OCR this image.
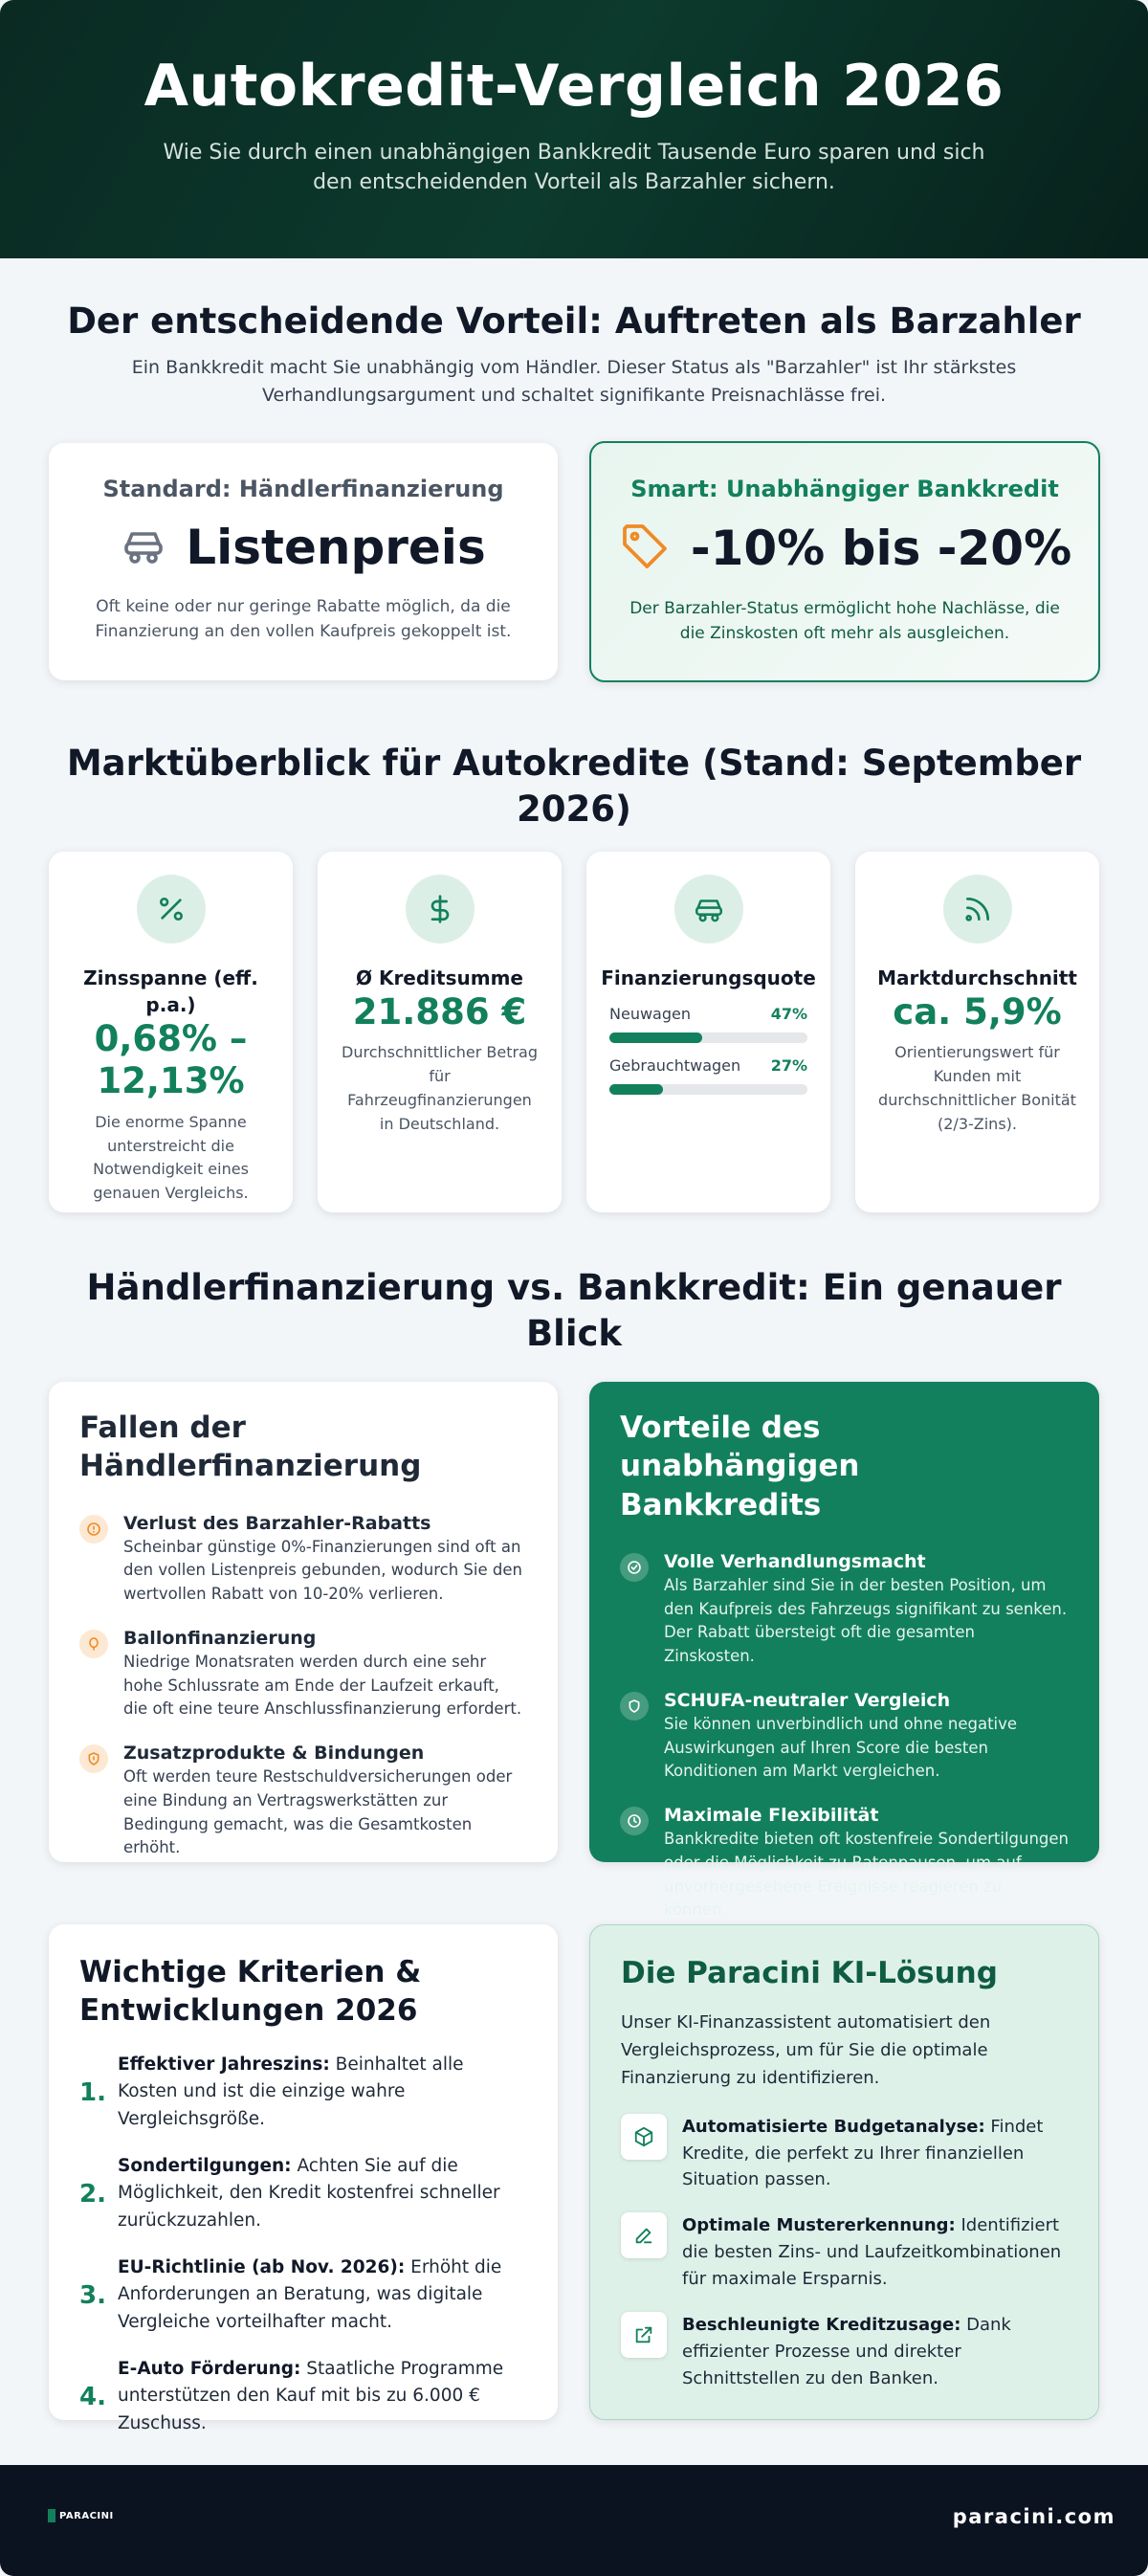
Autokredit-Vergleich 2026

Wie Sie durch einen unabhängigen Bankkredit Tausende Euro sparen und sich den entscheidenden Vorteil als Barzahler sichern.

Der entscheidende Vorteil: Auftreten als Barzahler
Ein Bankkredit macht Sie unabhängig vom Händler. Dieser Status als "Barzahler" ist Ihr stärkstes Verhandlungsargument und schaltet signifikante Preisnachlässe frei.
Standard: Händlerfinanzierung
Listenpreis
Oft keine oder nur geringe Rabatte möglich, da die Finanzierung an den vollen Kaufpreis gekoppelt ist.
Smart: Unabhängiger Bankkredit
-10% bis -20%
Der Barzahler-Status ermöglicht hohe Nachlässe, die die Zinskosten oft mehr als ausgleichen.
Marktüberblick für Autokredite (Stand: September 2026)
Zinsspanne (eff. p.a.)
0,68% – 12,13%
Die enorme Spanne unterstreicht die Notwendigkeit eines genauen Vergleichs.
Ø Kreditsumme
21.886 €
Durchschnittlicher Betrag für Fahrzeugfinanzierungen in Deutschland.
Finanzierungsquote
Neuwagen	47%
Gebrauchtwagen 27%
Marktdurchschnitt
ca. 5,9%
Orientierungswert für Kunden mit durchschnittlicher Bonität (2/3-Zins).
Händlerfinanzierung vs. Bankkredit: Ein genauer Blick
Fallen der Händlerfinanzierung
Verlust des Barzahler-Rabatts
Scheinbar günstige 0%-Finanzierungen sind oft an den vollen Listenpreis gebunden, wodurch Sie den wertvollen Rabatt von 10-20% verlieren.
Ballonfinanzierung
Niedrige Monatsraten werden durch eine sehr hohe Schlussrate am Ende der Laufzeit erkauft, die oft eine teure Anschlussfinanzierung erfordert.
Zusatzprodukte & Bindungen
Oft werden teure Restschuldversicherungen oder eine Bindung an Vertragswerkstätten zur Bedingung gemacht, was die Gesamtkosten erhöht.
Vorteile des unabhängigen Bankkredits
Volle Verhandlungsmacht
Als Barzahler sind Sie in der besten Position, um den Kaufpreis des Fahrzeugs signifikant zu senken. Der Rabatt übersteigt oft die gesamten Zinskosten.
SCHUFA-neutraler Vergleich
Sie können unverbindlich und ohne negative Auswirkungen auf Ihren Score die besten Konditionen am Markt vergleichen.
Maximale Flexibilität
Bankkredite bieten oft kostenfreie Sondertilgungen oder die Möglichkeit zu Ratenpausen, um auf unvorhergesehene Ereignisse reagieren zu können.
Wichtige Kriterien & Entwicklungen 2026
1.
Effektiver Jahreszins: Beinhaltet alle Kosten und ist die einzige wahre Vergleichsgröße.
2.
Sondertilgungen: Achten Sie auf die Möglichkeit, den Kredit kostenfrei schneller zurückzuzahlen.
3.
EU-Richtlinie (ab Nov. 2026): Erhöht die Anforderungen an Beratung, was digitale Vergleiche vorteilhafter macht.
4.
E-Auto Förderung: Staatliche Programme unterstützen den Kauf mit bis zu 6.000 € Zuschuss.
Die Paracini KI-Lösung
Unser KI-Finanzassistent automatisiert den Vergleichsprozess, um für Sie die optimale Finanzierung zu identifizieren.
Automatisierte Budgetanalyse: Findet Kredite, die perfekt zu Ihrer finanziellen Situation passen.
Optimale Mustererkennung: Identifiziert die besten Zins- und Laufzeitkombinationen für maximale Ersparnis.
Beschleunigte Kreditzusage: Dank effizienter Prozesse und direkter Schnittstellen zu den Banken.
PARACINI	paracini.com
